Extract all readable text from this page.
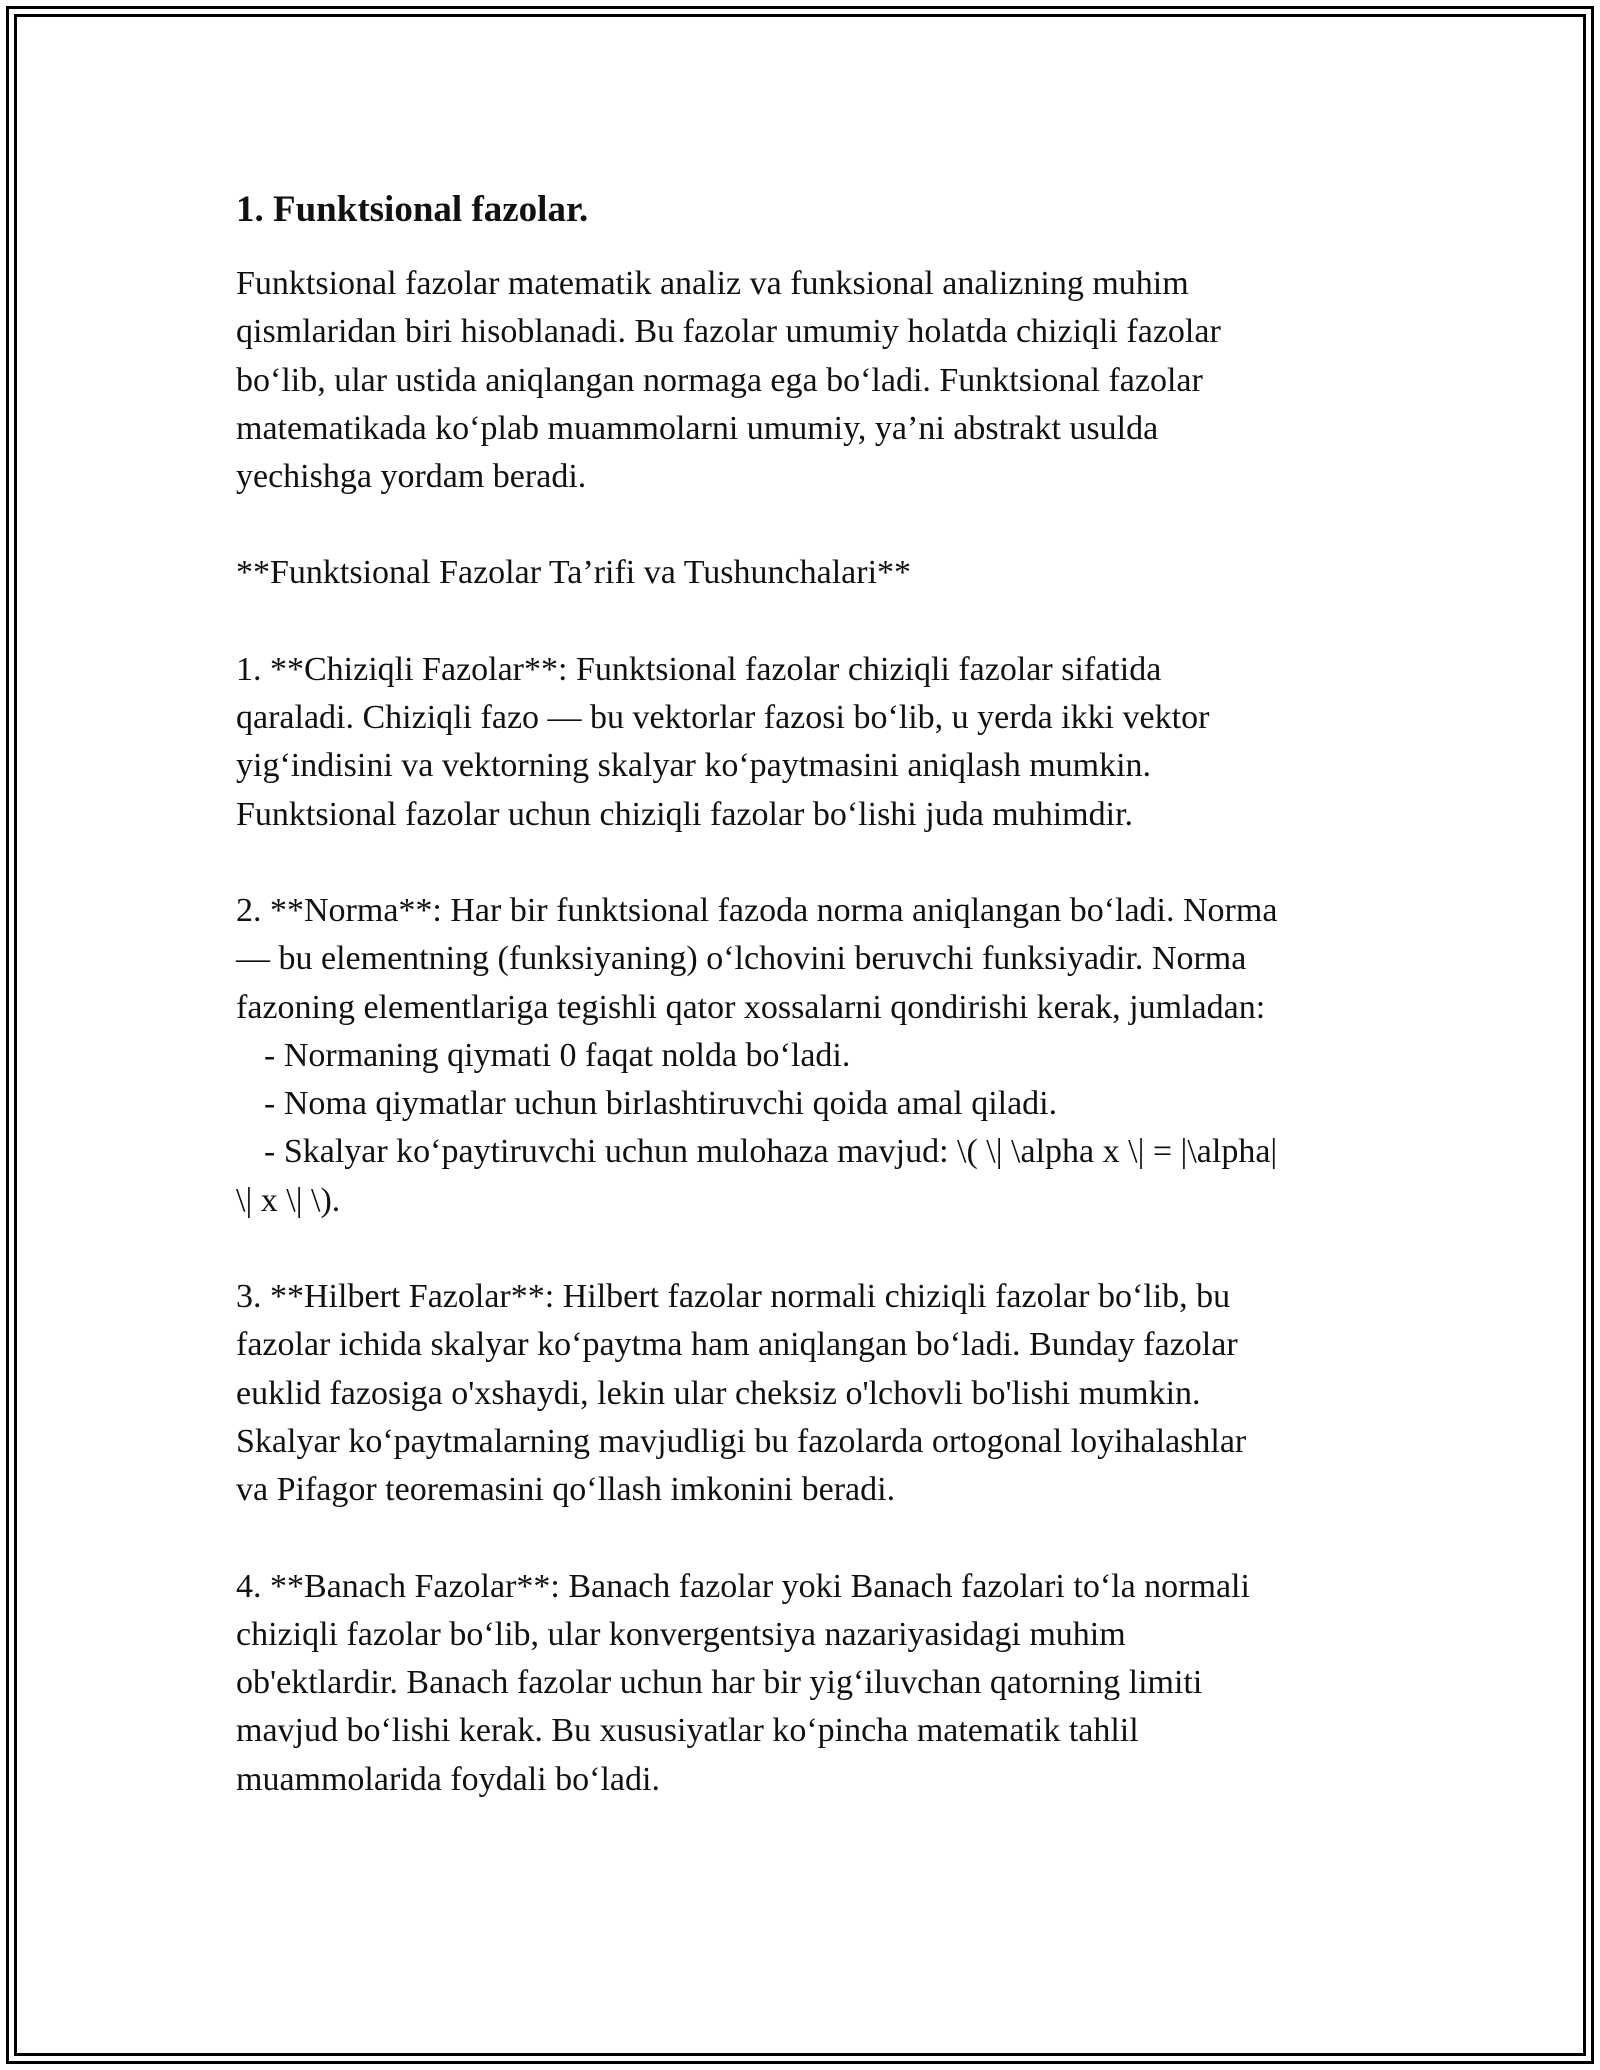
1. Funktsional fazolar.
Funktsional fazolar matematik analiz va funksional analizning muhim
qismlaridan biri hisoblanadi. Bu fazolar umumiy holatda chiziqli fazolar
bo‘lib, ular ustida aniqlangan normaga ega bo‘ladi. Funktsional fazolar
matematikada ko‘plab muammolarni umumiy, ya’ni abstrakt usulda
yechishga yordam beradi.
**Funktsional Fazolar Ta’rifi va Tushunchalari**
1. **Chiziqli Fazolar**: Funktsional fazolar chiziqli fazolar sifatida
qaraladi. Chiziqli fazo — bu vektorlar fazosi bo‘lib, u yerda ikki vektor
yig‘indisini va vektorning skalyar ko‘paytmasini aniqlash mumkin.
Funktsional fazolar uchun chiziqli fazolar bo‘lishi juda muhimdir.
2. **Norma**: Har bir funktsional fazoda norma aniqlangan bo‘ladi. Norma
— bu elementning (funksiyaning) o‘lchovini beruvchi funksiyadir. Norma
fazoning elementlariga tegishli qator xossalarni qondirishi kerak, jumladan:
- Normaning qiymati 0 faqat nolda bo‘ladi.
- Noma qiymatlar uchun birlashtiruvchi qoida amal qiladi.
- Skalyar ko‘paytiruvchi uchun mulohaza mavjud: \( \| \alpha x \| = |\alpha|
\| x \| \).
3. **Hilbert Fazolar**: Hilbert fazolar normali chiziqli fazolar bo‘lib, bu
fazolar ichida skalyar ko‘paytma ham aniqlangan bo‘ladi. Bunday fazolar
euklid fazosiga o'xshaydi, lekin ular cheksiz o'lchovli bo'lishi mumkin.
Skalyar ko‘paytmalarning mavjudligi bu fazolarda ortogonal loyihalashlar
va Pifagor teoremasini qo‘llash imkonini beradi.
4. **Banach Fazolar**: Banach fazolar yoki Banach fazolari to‘la normali
chiziqli fazolar bo‘lib, ular konvergentsiya nazariyasidagi muhim
ob'ektlardir. Banach fazolar uchun har bir yig‘iluvchan qatorning limiti
mavjud bo‘lishi kerak. Bu xususiyatlar ko‘pincha matematik tahlil
muammolarida foydali bo‘ladi.
